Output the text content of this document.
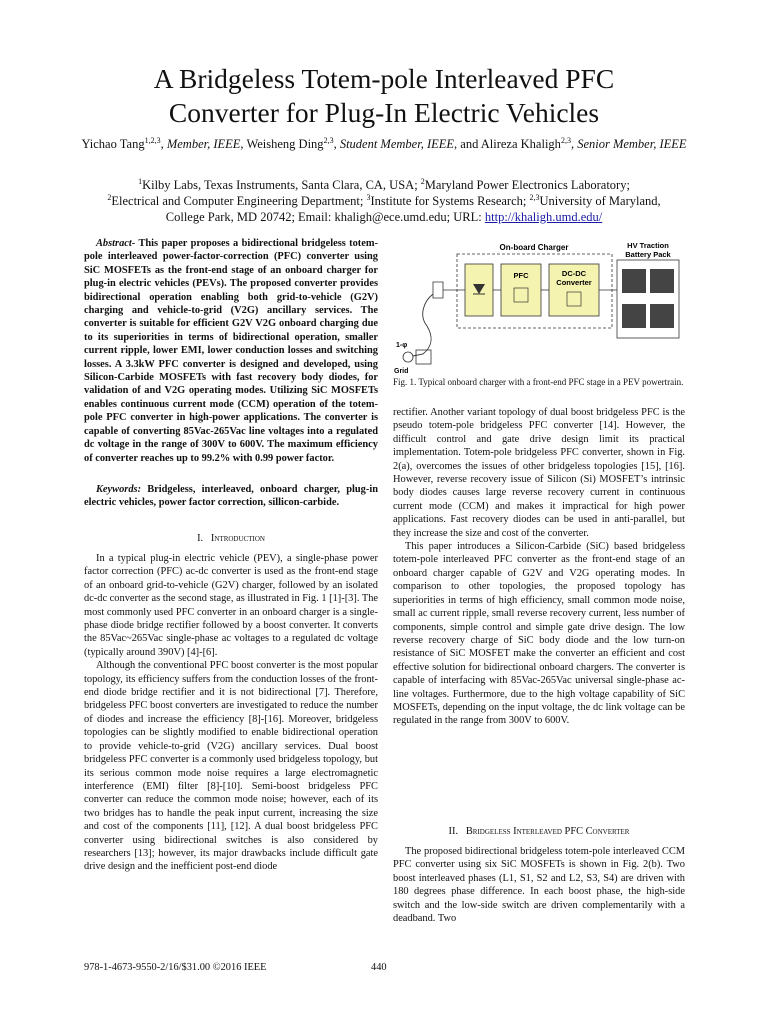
A Bridgeless Totem-pole Interleaved PFC
Converter for Plug-In Electric Vehicles
Yichao Tang$^{1,2,3}$, Member, IEEE, Weisheng Ding$^{2,3}$, Student Member, IEEE, and Alireza Khaligh$^{2,3}$, Senior Member, IEEE
$^1$Kilby Labs, Texas Instruments, Santa Clara, CA, USA; $^2$Maryland Power Electronics Laboratory;
$^2$Electrical and Computer Engineering Department; $^3$Institute for Systems Research; $^{2,3}$University of Maryland,
College Park, MD 20742; Email: khaligh@ece.umd.edu; URL: http://khaligh.umd.edu/

Abstract- This paper proposes a bidirectional bridgeless totem-pole interleaved power-factor-correction (PFC) converter using SiC MOSFETs as the front-end stage of an onboard charger for plug-in electric vehicles (PEVs). The proposed converter provides bidirectional operation enabling both grid-to-vehicle (G2V) charging and vehicle-to-grid (V2G) ancillary services. The converter is suitable for efficient G2V V2G onboard charging due to its superiorities in terms of bidirectional operation, smaller current ripple, lower EMI, lower conduction losses and switching losses. A 3.3kW PFC converter is designed and developed, using Silicon-Carbide MOSFETs with fast recovery body diodes, for validation of and V2G operating modes. Utilizing SiC MOSFETs enables continuous current mode (CCM) operation of the totem-pole PFC converter in high-power applications. The converter is capable of converting 85Vac-265Vac line voltages into a regulated dc voltage in the range of 300V to 600V. The maximum efficiency of converter reaches up to 99.2% with 0.99 power factor.

Keywords: Bridgeless, interleaved, onboard charger, plug-in electric vehicles, power factor correction, sillicon-carbide.

I. Introduction

In a typical plug-in electric vehicle (PEV), a single-phase power factor correction (PFC) ac-dc converter is used as the front-end stage of an onboard grid-to-vehicle (G2V) charger, followed by an isolated dc-dc converter as the second stage, as illustrated in Fig. 1 [1]-[3]. The most commonly used PFC converter in an onboard charger is a single-phase diode bridge rectifier followed by a boost converter. It converts the 85Vac~265Vac single-phase ac voltages to a regulated dc voltage (typically around 390V) [4]-[6].

Although the conventional PFC boost converter is the most popular topology, its efficiency suffers from the conduction losses of the front-end diode bridge rectifier and it is not bidirectional [7]. Therefore, bridgeless PFC boost converters are investigated to reduce the number of diodes and increase the efficiency [8]-[16]. Moreover, bridgeless topologies can be slightly modified to enable bidirectional operation to provide vehicle-to-grid (V2G) ancillary services. Dual boost bridgeless PFC converter is a commonly used bridgeless topology, but its serious common mode noise requires a large electromagnetic interference (EMI) filter [8]-[10]. Semi-boost bridgeless PFC converter can reduce the common mode noise; however, each of its two bridges has to handle the peak input current, increasing the size and cost of the components [11], [12]. A dual boost bridgeless PFC converter using bidirectional switches is also considered by researchers [13]; however, its major drawbacks include difficult gate drive design and the inefficient post-end diode

On-board Charger
PFC	DC-DC
Converter
HV Traction
Battery Pack
1-φ
Grid
Fig. 1. Typical onboard charger with a front-end PFC stage in a PEV powertrain.

rectifier. Another variant topology of dual boost bridgeless PFC is the pseudo totem-pole bridgeless PFC converter [14]. However, the difficult control and gate drive design limit its practical implementation. Totem-pole bridgeless PFC converter, shown in Fig. 2(a), overcomes the issues of other bridgeless topologies [15], [16]. However, reverse recovery issue of Silicon (Si) MOSFET’s intrinsic body diodes causes large reverse recovery current in continuous current mode (CCM) and makes it impractical for high power applications. Fast recovery diodes can be used in anti-parallel, but they increase the size and cost of the converter.

This paper introduces a Silicon-Carbide (SiC) based bridgeless totem-pole interleaved PFC converter as the front-end stage of an onboard charger capable of G2V and V2G operating modes. In comparison to other topologies, the proposed topology has superiorities in terms of high efficiency, small common mode noise, small ac current ripple, small reverse recovery current, less number of components, simple control and simple gate drive design. The low reverse recovery charge of SiC body diode and the low turn-on resistance of SiC MOSFET make the converter an efficient and cost effective solution for bidirectional onboard chargers. The converter is capable of interfacing with 85Vac-265Vac universal single-phase ac-line voltages. Furthermore, due to the high voltage capability of SiC MOSFETs, depending on the input voltage, the dc link voltage can be regulated in the range from 300V to 600V.

II. Bridgeless Interleaved PFC Converter

The proposed bidirectional bridgeless totem-pole interleaved CCM PFC converter using six SiC MOSFETs is shown in Fig. 2(b). Two boost interleaved phases (L1, S1, S2 and L2, S3, S4) are driven with 180 degrees phase difference. In each boost phase, the high-side switch and the low-side switch are driven complementarily with a deadband. Two

978-1-4673-9550-2/16/$31.00 ©2016 IEEE	440
